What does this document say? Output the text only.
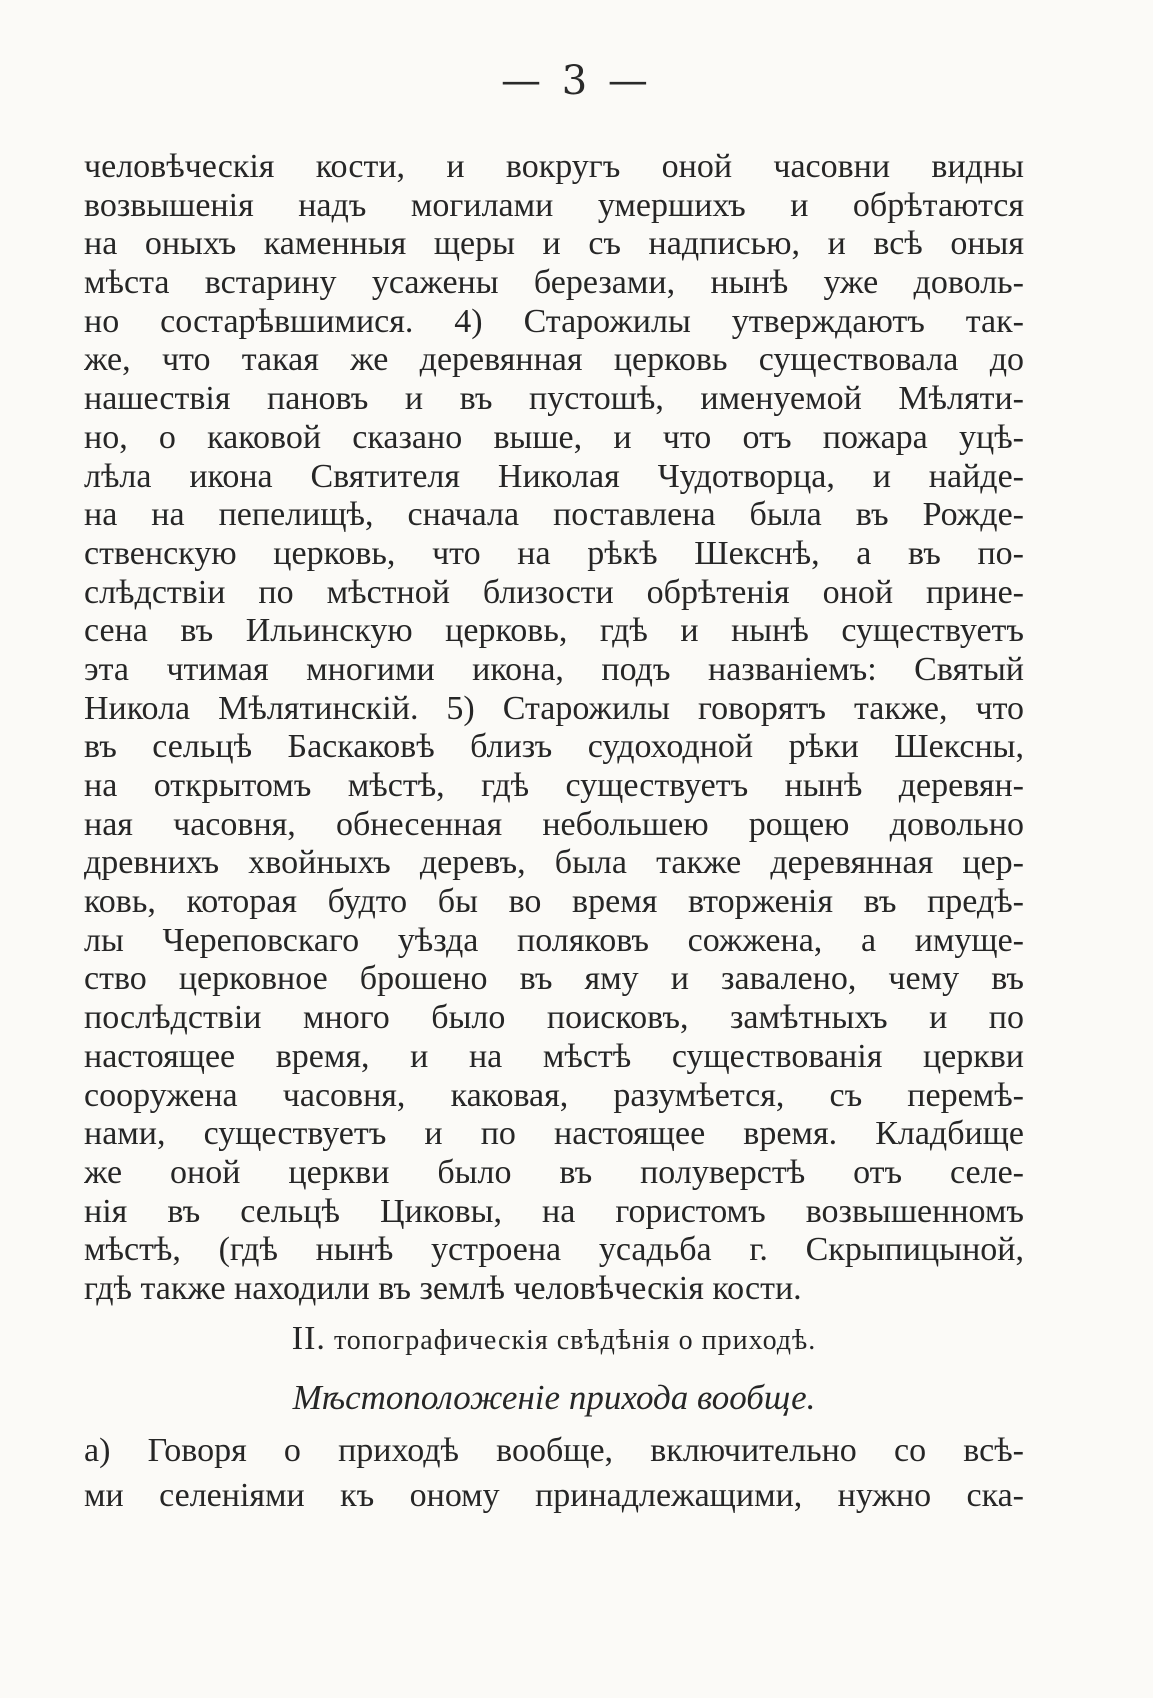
— 3 —
человѣческія кости, и вокругъ оной часовни видны
возвышенія надъ могилами умершихъ и обрѣтаются
на оныхъ каменныя щеры и съ надписью, и всѣ оныя
мѣста встарину усажены березами, нынѣ уже доволь-
но состарѣвшимися. 4) Старожилы утверждаютъ так-
же, что такая же деревянная церковь существовала до
нашествія пановъ и въ пустошѣ, именуемой Мѣляти-
но, о каковой сказано выше, и что отъ пожара уцѣ-
лѣла икона Святителя Николая Чудотворца, и найде-
на на пепелищѣ, сначала поставлена была въ Рожде-
ственскую церковь, что на рѣкѣ Шекснѣ, а въ по-
слѣдствіи по мѣстной близости обрѣтенія оной прине-
сена въ Ильинскую церковь, гдѣ и нынѣ существуетъ
эта чтимая многими икона, подъ названіемъ: Святый
Никола Мѣлятинскій. 5) Старожилы говорятъ также, что
въ сельцѣ Баскаковѣ близъ судоходной рѣки Шексны,
на открытомъ мѣстѣ, гдѣ существуетъ нынѣ деревян-
ная часовня, обнесенная небольшею рощею довольно
древнихъ хвойныхъ деревъ, была также деревянная цер-
ковь, которая будто бы во время вторженія въ предѣ-
лы Череповскаго уѣзда поляковъ сожжена, а имуще-
ство церковное брошено въ яму и завалено, чему въ
послѣдствіи много было поисковъ, замѣтныхъ и по
настоящее время, и на мѣстѣ существованія церкви
сооружена часовня, каковая, разумѣется, съ перемѣ-
нами, существуетъ и по настоящее время. Кладбище
же оной церкви было въ полуверстѣ отъ селе-
нія въ сельцѣ Циковы, на гористомъ возвышенномъ
мѣстѣ, (гдѣ нынѣ устроена усадьба г. Скрыпицыной,
гдѣ также находили въ землѣ человѣческія кости.
II. топографическія свѣдѣнія о приходѣ.
Мѣстоположеніе прихода вообще.
а) Говоря о приходѣ вообще, включительно со всѣ-
ми селеніями къ оному принадлежащими, нужно ска-
